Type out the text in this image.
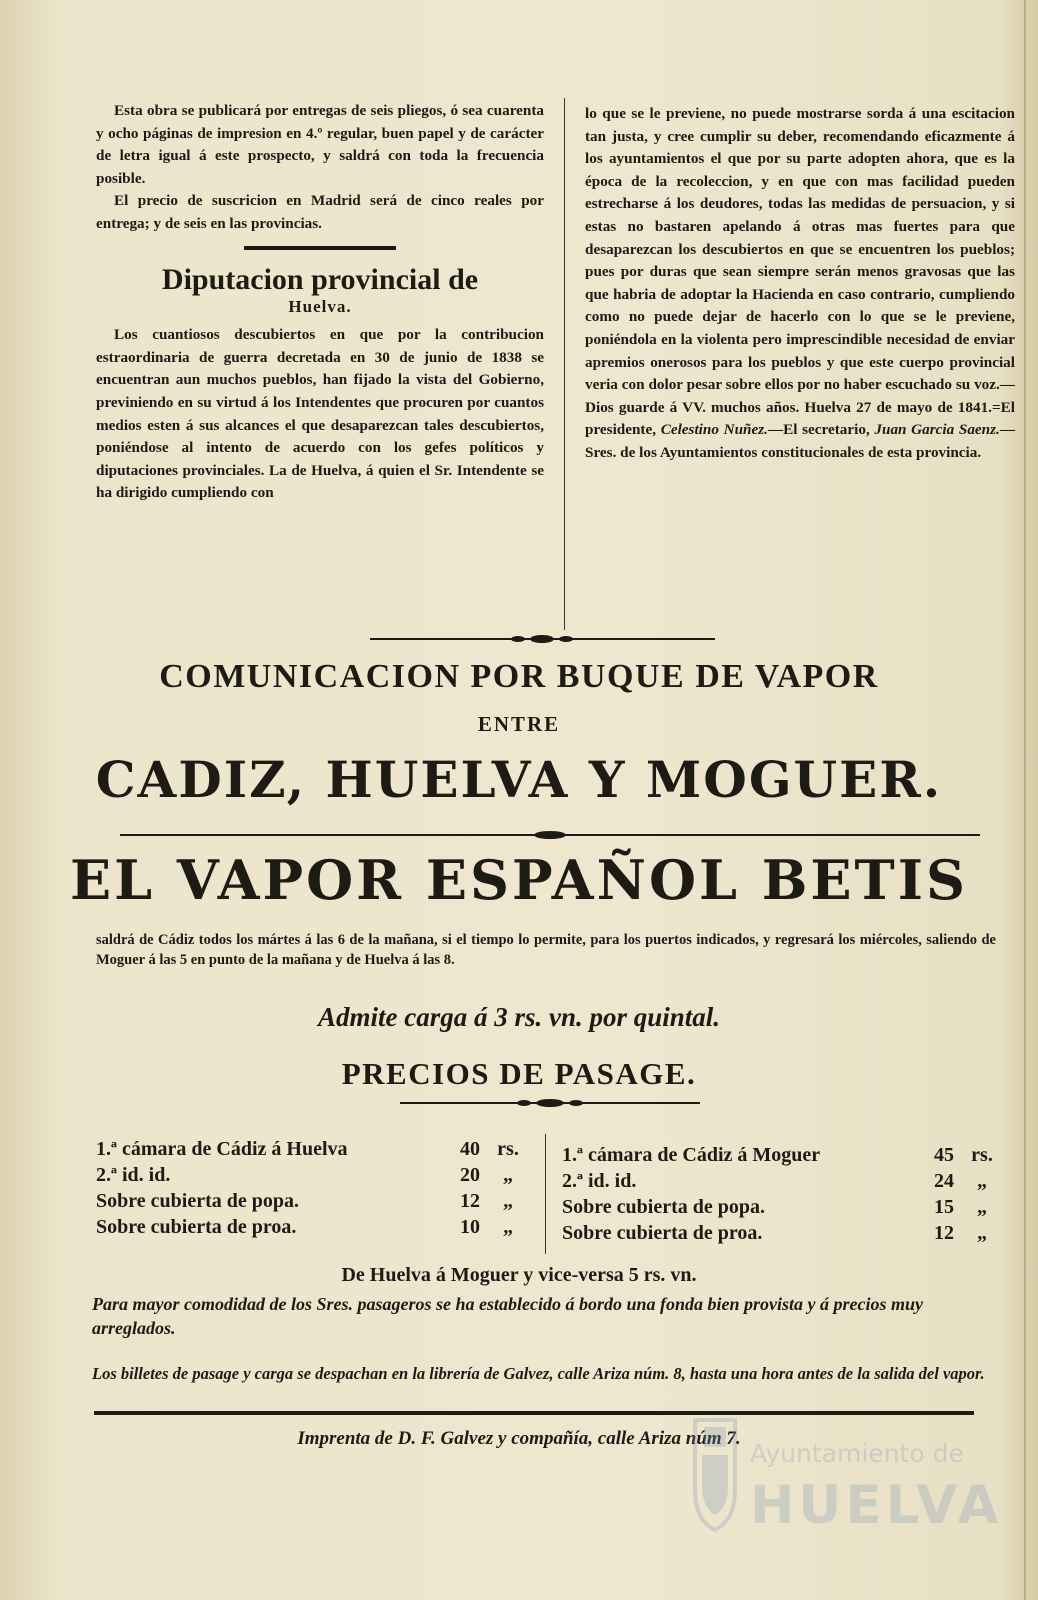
Esta obra se publicará por entregas de seis pliegos, ó sea cuarenta y ocho páginas de impresion en 4.º regular, buen papel y de carácter de letra igual á este prospecto, y saldrá con toda la frecuencia posible.

El precio de suscricion en Madrid será de cinco reales por entrega; y de seis en las provincias.

Diputacion provincial de
Huelva.

Los cuantiosos descubiertos en que por la contribucion estraordinaria de guerra decretada en 30 de junio de 1838 se encuentran aun muchos pueblos, han fijado la vista del Gobierno, previniendo en su virtud á los Intendentes que procuren por cuantos medios esten á sus alcances el que desaparezcan tales descubiertos, poniéndose al intento de acuerdo con los gefes políticos y diputaciones provinciales. La de Huelva, á quien el Sr. Intendente se ha dirigido cumpliendo con

lo que se le previene, no puede mostrarse sorda á una escitacion tan justa, y cree cumplir su deber, recomendando eficazmente á los ayuntamientos el que por su parte adopten ahora, que es la época de la recoleccion, y en que con mas facilidad pueden estrecharse á los deudores, todas las medidas de persuacion, y si estas no bastaren apelando á otras mas fuertes para que desaparezcan los descubiertos en que se encuentren los pueblos; pues por duras que sean siempre serán menos gravosas que las que habria de adoptar la Hacienda en caso contrario, cumpliendo como no puede dejar de hacerlo con lo que se le previene, poniéndola en la violenta pero imprescindible necesidad de enviar apremios onerosos para los pueblos y que este cuerpo provincial veria con dolor pesar sobre ellos por no haber escuchado su voz.—Dios guarde á VV. muchos años. Huelva 27 de mayo de 1841.=El presidente, Celestino Nuñez.—El secretario, Juan Garcia Saenz.—Sres. de los Ayuntamientos constitucionales de esta provincia.

COMUNICACION POR BUQUE DE VAPOR
ENTRE
CADIZ, HUELVA Y MOGUER.
EL VAPOR ESPAÑOL BETIS
saldrá de Cádiz todos los mártes á las 6 de la mañana, si el tiempo lo permite, para los puertos indicados, y regresará los miércoles, saliendo de Moguer á las 5 en punto de la mañana y de Huelva á las 8.
Admite carga á 3 rs. vn. por quintal.
PRECIOS DE PASAGE.
1.ª cámara de Cádiz á Huelva	40 rs.
2.ª id. id.	20	„
Sobre cubierta de popa.	12	„
Sobre cubierta de proa.	10	„
1.ª cámara de Cádiz á Moguer	45 rs.
2.ª id. id.	24	„
Sobre cubierta de popa.	15	„
Sobre cubierta de proa.	12	„
De Huelva á Moguer y vice-versa 5 rs. vn.
Para mayor comodidad de los Sres. pasageros se ha establecido á bordo una fonda bien provista y á precios muy arreglados.
Los billetes de pasage y carga se despachan en la librería de Galvez, calle Ariza núm. 8, hasta una hora antes de la salida del vapor.
Imprenta de D. F. Galvez y compañía, calle Ariza núm 7.
Ayuntamiento de
HUELVA
